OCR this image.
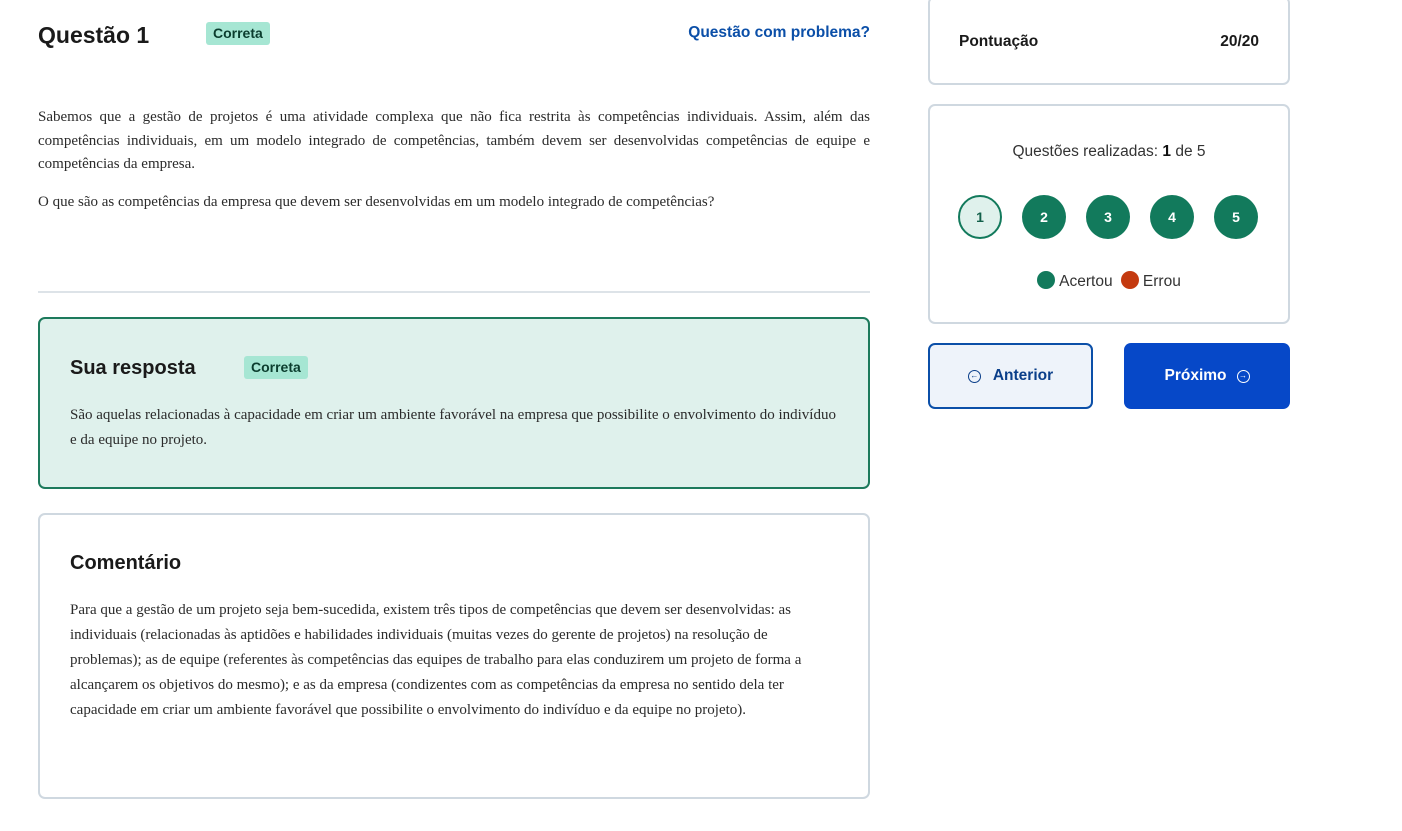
Questão 1	Correta	Questão com problema?

Sabemos que a gestão de projetos é uma atividade complexa que não fica restrita às competências individuais. Assim, além das competências individuais, em um modelo integrado de competências, também devem ser desenvolvidas competências de equipe e competências da empresa.

O que são as competências da empresa que devem ser desenvolvidas em um modelo integrado de competências?

Sua resposta	Correta
São aquelas relacionadas à capacidade em criar um ambiente favorável na empresa que possibilite o envolvimento do indivíduo e da equipe no projeto.
Comentário
Para que a gestão de um projeto seja bem-sucedida, existem três tipos de competências que devem ser desenvolvidas: as individuais (relacionadas às aptidões e habilidades individuais (muitas vezes do gerente de projetos) na resolução de problemas); as de equipe (referentes às competências das equipes de trabalho para elas conduzirem um projeto de forma a alcançarem os objetivos do mesmo); e as da empresa (condizentes com as competências da empresa no sentido dela ter capacidade em criar um ambiente favorável que possibilite o envolvimento do indivíduo e da equipe no projeto).
Pontuação	20/20
Questões realizadas: 1 de 5
1	2	3	4	5
Acertou Errou
← Anterior	Próximo	→
